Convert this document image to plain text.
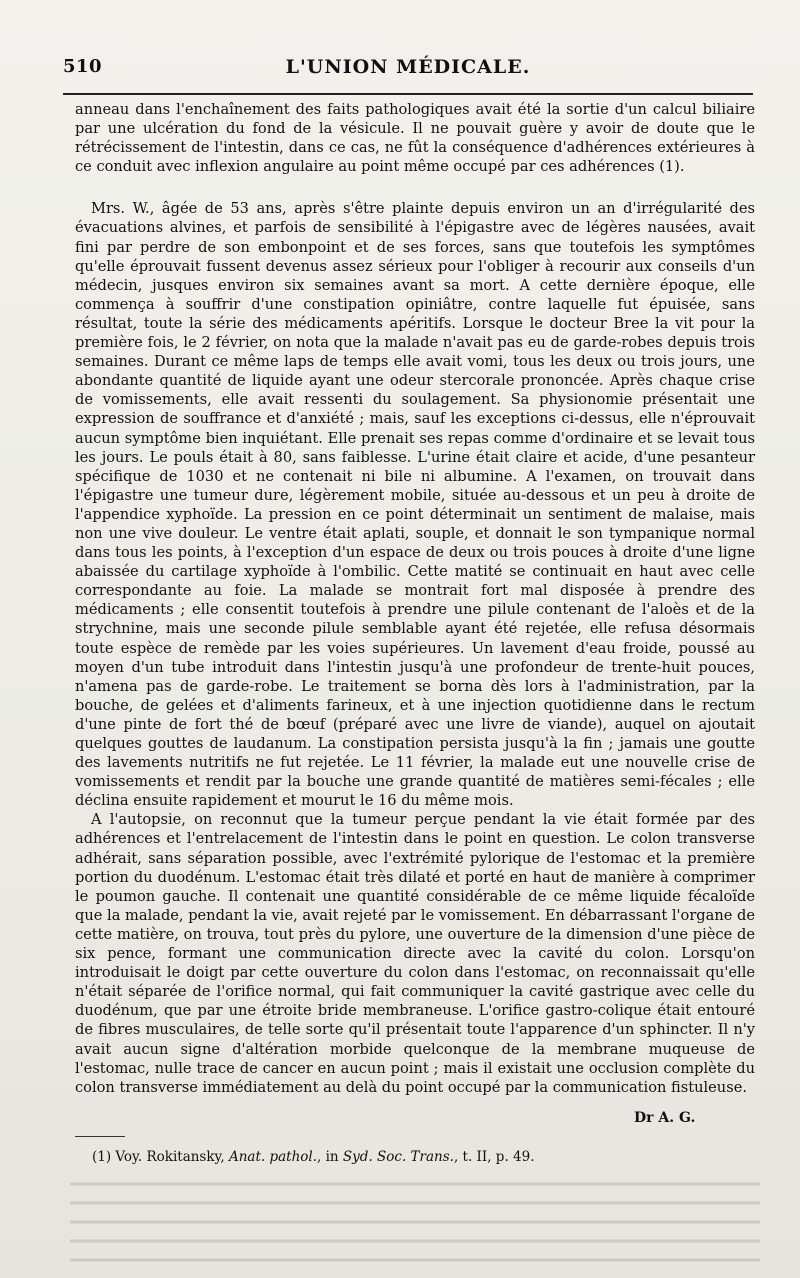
510	L'UNION MÉDICALE.

anneau dans l'enchaînement des faits pathologiques avait été la sortie d'un calcul biliaire par une ulcération du fond de la vésicule. Il ne pouvait guère y avoir de doute que le rétrécissement de l'intestin, dans ce cas, ne fût la conséquence d'adhérences extérieures à ce conduit avec inflexion angulaire au point même occupé par ces adhérences (1).

Mrs. W., âgée de 53 ans, après s'être plainte depuis environ un an d'irrégularité des évacuations alvines, et parfois de sensibilité à l'épigastre avec de légères nausées, avait fini par perdre de son embonpoint et de ses forces, sans que toutefois les symptômes qu'elle éprouvait fussent devenus assez sérieux pour l'obliger à recourir aux conseils d'un médecin, jusques environ six semaines avant sa mort. A cette dernière époque, elle commença à souffrir d'une constipation opiniâtre, contre laquelle fut épuisée, sans résultat, toute la série des médicaments apéritifs. Lorsque le docteur Bree la vit pour la première fois, le 2 février, on nota que la malade n'avait pas eu de garde-robes depuis trois semaines. Durant ce même laps de temps elle avait vomi, tous les deux ou trois jours, une abondante quantité de liquide ayant une odeur stercorale prononcée. Après chaque crise de vomissements, elle avait ressenti du soulagement. Sa physionomie présentait une expression de souffrance et d'anxiété ; mais, sauf les exceptions ci-dessus, elle n'éprouvait aucun symptôme bien inquiétant. Elle prenait ses repas comme d'ordinaire et se levait tous les jours. Le pouls était à 80, sans faiblesse. L'urine était claire et acide, d'une pesanteur spécifique de 1030 et ne contenait ni bile ni albumine. A l'examen, on trouvait dans l'épigastre une tumeur dure, légèrement mobile, située au-dessous et un peu à droite de l'appendice xyphoïde. La pression en ce point déterminait un sentiment de malaise, mais non une vive douleur. Le ventre était aplati, souple, et donnait le son tympanique normal dans tous les points, à l'exception d'un espace de deux ou trois pouces à droite d'une ligne abaissée du cartilage xyphoïde à l'ombilic. Cette matité se continuait en haut avec celle correspondante au foie. La malade se montrait fort mal disposée à prendre des médicaments ; elle consentit toutefois à prendre une pilule contenant de l'aloès et de la strychnine, mais une seconde pilule semblable ayant été rejetée, elle refusa désormais toute espèce de remède par les voies supérieures. Un lavement d'eau froide, poussé au moyen d'un tube introduit dans l'intestin jusqu'à une profondeur de trente-huit pouces, n'amena pas de garde-robe. Le traitement se borna dès lors à l'administration, par la bouche, de gelées et d'aliments farineux, et à une injection quotidienne dans le rectum d'une pinte de fort thé de bœuf (préparé avec une livre de viande), auquel on ajoutait quelques gouttes de laudanum. La constipation persista jusqu'à la fin ; jamais une goutte des lavements nutritifs ne fut rejetée. Le 11 février, la malade eut une nouvelle crise de vomissements et rendit par la bouche une grande quantité de matières semi-fécales ; elle déclina ensuite rapidement et mourut le 16 du même mois.

A l'autopsie, on reconnut que la tumeur perçue pendant la vie était formée par des adhérences et l'entrelacement de l'intestin dans le point en question. Le colon transverse adhérait, sans séparation possible, avec l'extrémité pylorique de l'estomac et la première portion du duodénum. L'estomac était très dilaté et porté en haut de manière à comprimer le poumon gauche. Il contenait une quantité considérable de ce même liquide fécaloïde que la malade, pendant la vie, avait rejeté par le vomissement. En débarrassant l'organe de cette matière, on trouva, tout près du pylore, une ouverture de la dimension d'une pièce de six pence, formant une communication directe avec la cavité du colon. Lorsqu'on introduisait le doigt par cette ouverture du colon dans l'estomac, on reconnaissait qu'elle n'était séparée de l'orifice normal, qui fait communiquer la cavité gastrique avec celle du duodénum, que par une étroite bride membraneuse. L'orifice gastro-colique était entouré de fibres musculaires, de telle sorte qu'il présentait toute l'apparence d'un sphincter. Il n'y avait aucun signe d'altération morbide quelconque de la membrane muqueuse de l'estomac, nulle trace de cancer en aucun point ; mais il existait une occlusion complète du colon transverse immédiatement au delà du point occupé par la communication fistuleuse.

Dr A. G.
(1) Voy. Rokitansky, Anat. pathol., in Syd. Soc. Trans., t. II, p. 49.
